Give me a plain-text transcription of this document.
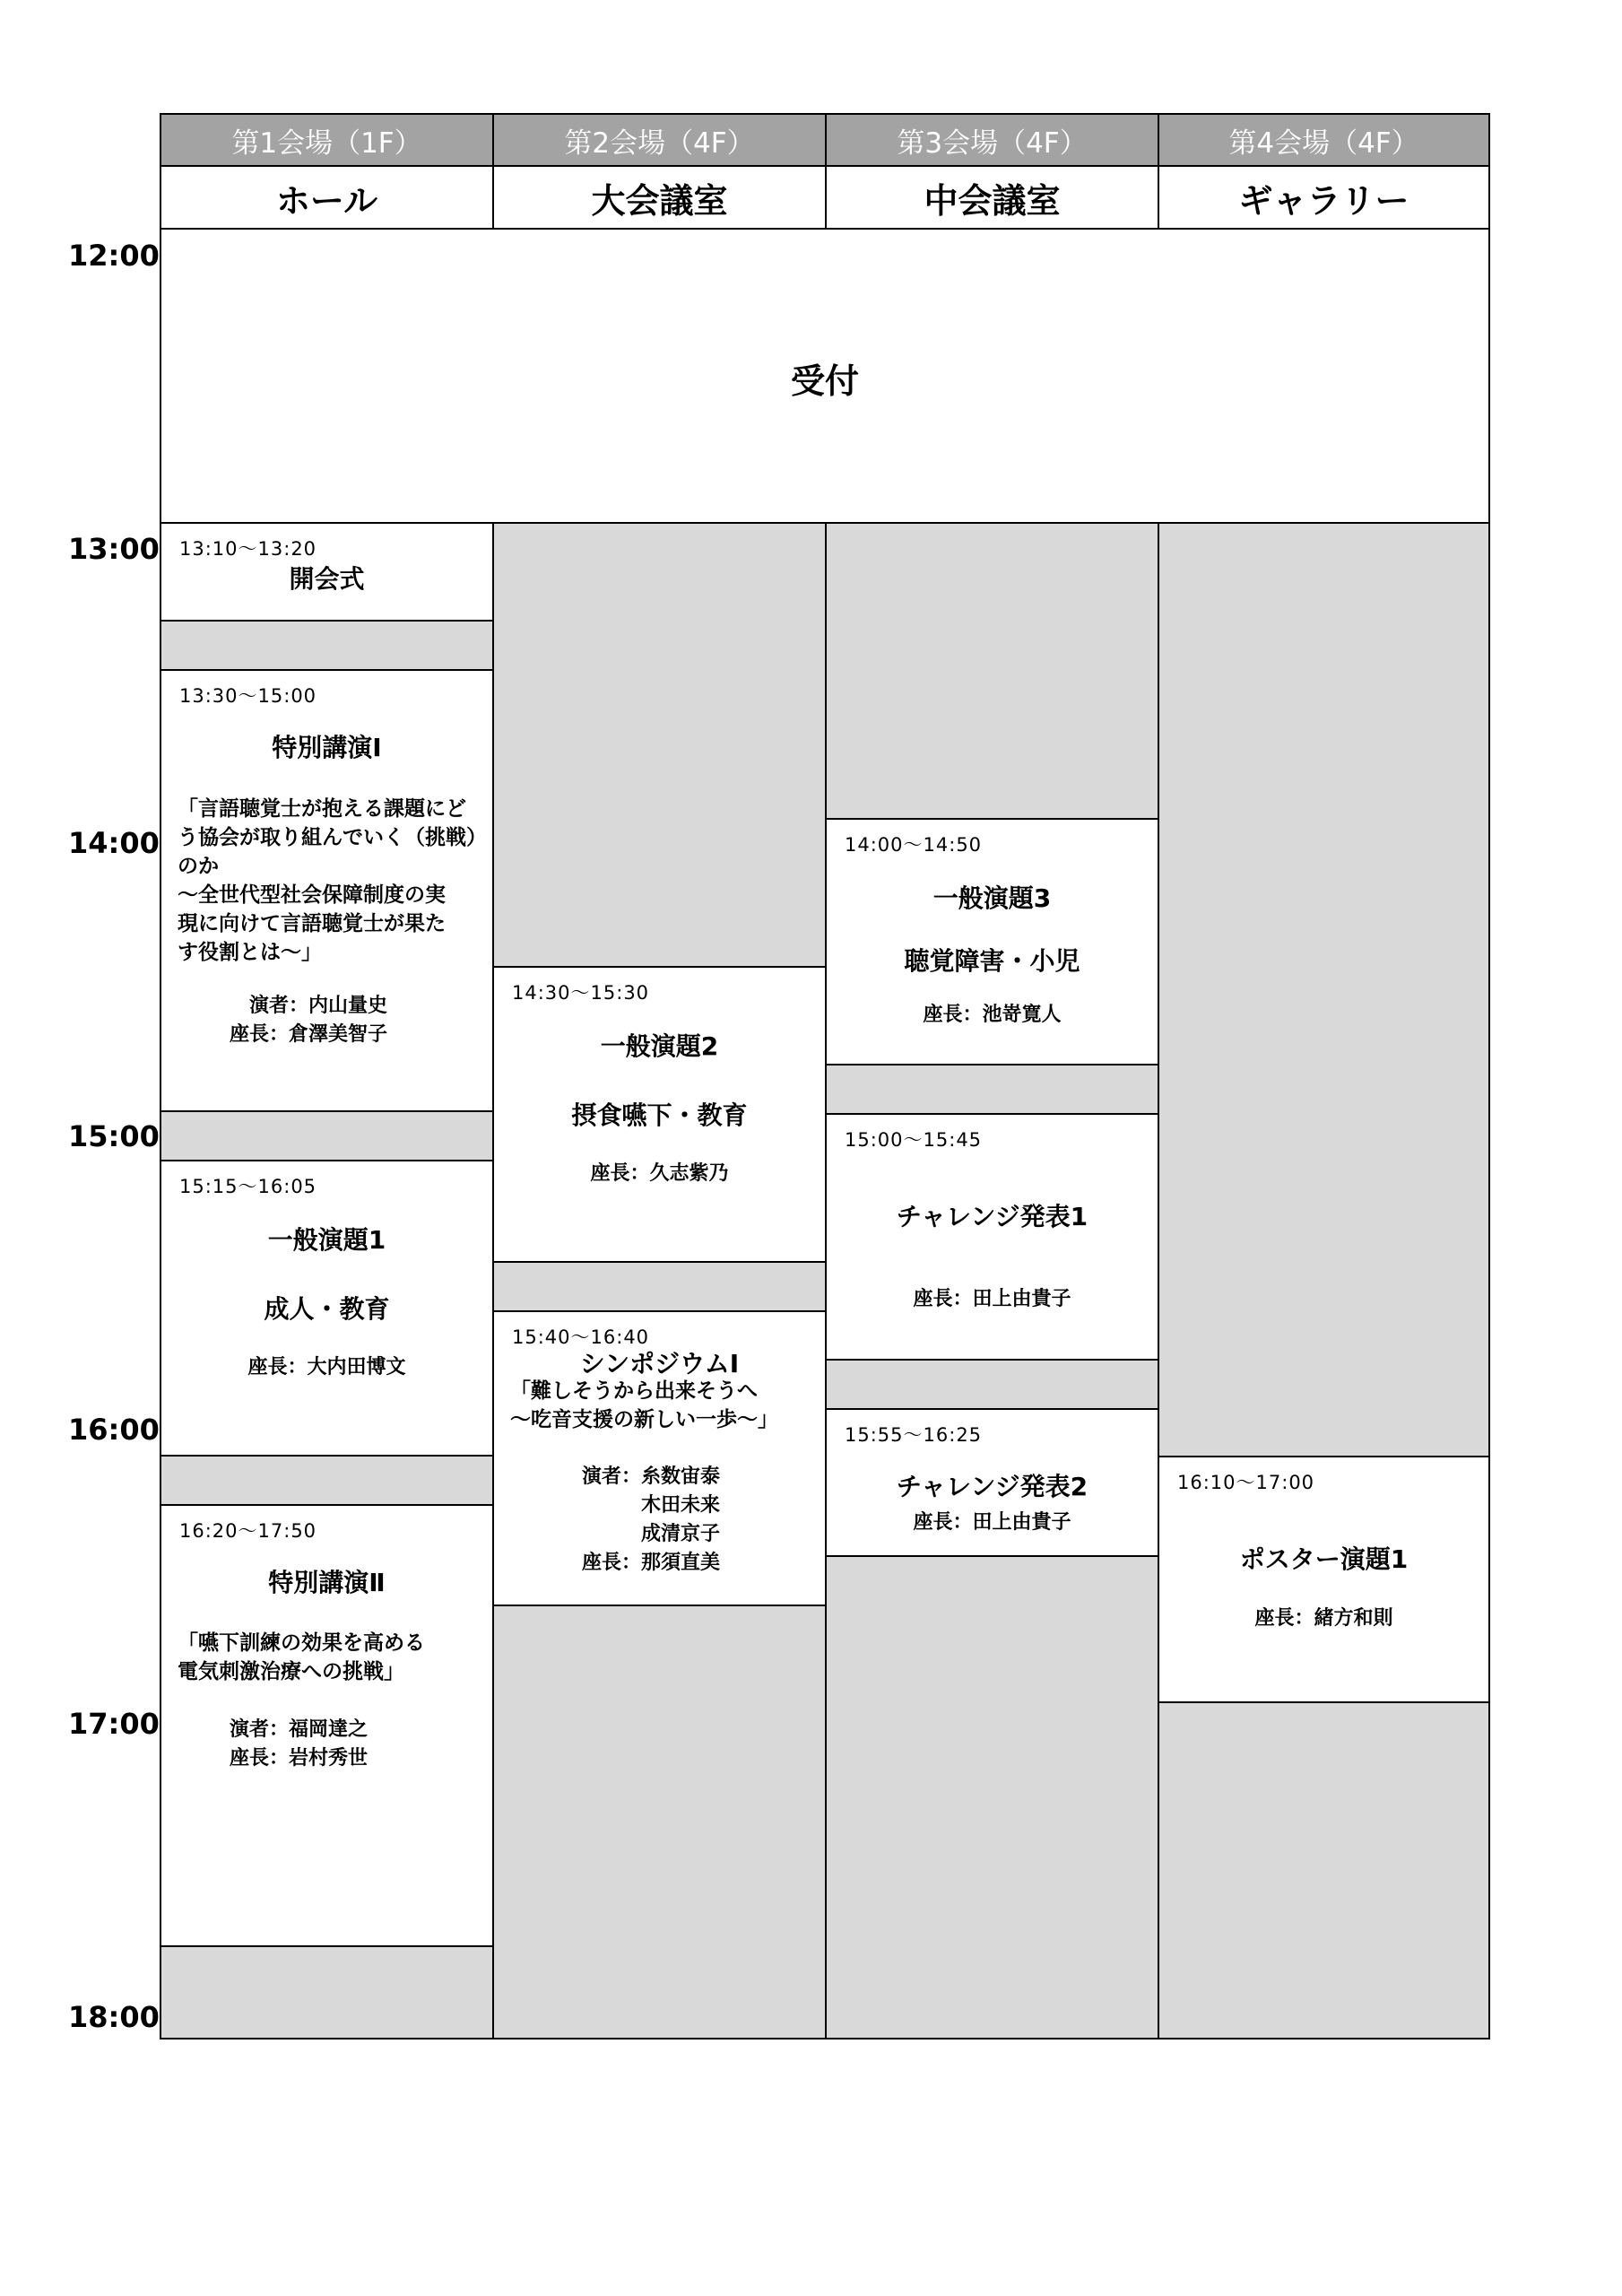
12:00
13:00
14:00
15:00
16:00
17:00
18:00
第1会場（1F）	第2会場（4F）	第3会場（4F）	第4会場（4F）
ホール	大会議室	中会議室	ギャラリー
受付
13:10〜13:20
開会式
13:30〜15:00
特別講演Ⅰ
「言語聴覚士が抱える課題にど
う協会が取り組んでいく（挑戦）
のか
〜全世代型社会保障制度の実
現に向けて言語聴覚士が果た
す役割とは〜」
演者：内山量史
座長：倉澤美智子
15:15〜16:05
一般演題1
成人・教育
座長：大内田博文
16:20〜17:50
特別講演Ⅱ
「嚥下訓練の効果を高める
電気刺激治療への挑戦」
演者：福岡達之
座長：岩村秀世
14:30〜15:30
一般演題2
摂食嚥下・教育
座長：久志紫乃
15:40〜16:40
シンポジウムⅠ
「難しそうから出来そうへ
〜吃音支援の新しい一歩〜」
演者：糸数宙泰
木田未来
成清京子
座長：那須直美
14:00〜14:50
一般演題3
聴覚障害・小児
座長：池嵜寛人
15:00〜15:45
チャレンジ発表1
座長：田上由貴子
15:55〜16:25
チャレンジ発表2
座長：田上由貴子
16:10〜17:00
ポスター演題1
座長：緒方和則
